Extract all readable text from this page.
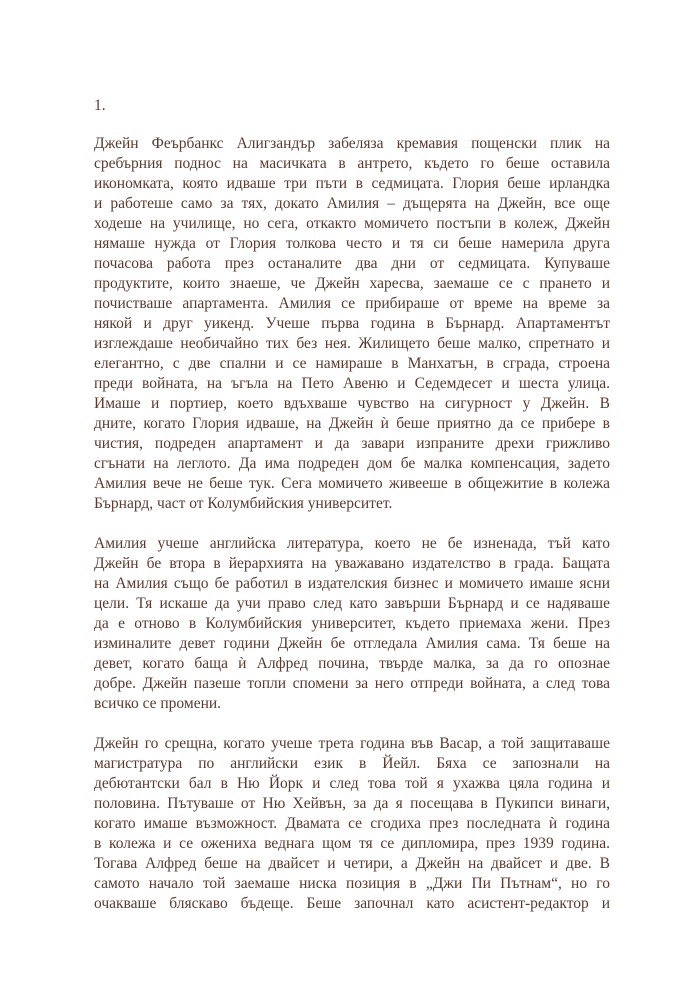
1.

Джейн Феърбанкс Алигзандър забеляза кремавия пощенски плик на
сребърния поднос на масичката в антрето, където го беше оставила
икономката, която идваше три пъти в седмицата. Глория беше ирландка
и работеше само за тях, докато Амилия – дъщерята на Джейн, все още
ходеше на училище, но сега, откакто момичето постъпи в колеж, Джейн
нямаше нужда от Глория толкова често и тя си беше намерила друга
почасова работа през останалите два дни от седмицата. Купуваше
продуктите, които знаеше, че Джейн харесва, заемаше се с прането и
почистваше апартамента. Амилия се прибираше от време на време за
някой и друг уикенд. Учеше първа година в Бърнард. Апартаментът
изглеждаше необичайно тих без нея. Жилището беше малко, спретнато и
елегантно, с две спални и се намираше в Манхатън, в сграда, строена
преди войната, на ъгъла на Пето Авеню и Седемдесет и шеста улица.
Имаше и портиер, което вдъхваше чувство на сигурност у Джейн. В
дните, когато Глория идваше, на Джейн ѝ беше приятно да се прибере в
чистия, подреден апартамент и да завари изпраните дрехи грижливо
сгънати на леглото. Да има подреден дом бе малка компенсация, задето
Амилия вече не беше тук. Сега момичето живееше в общежитие в колежа
Бърнард, част от Колумбийския университет.
Амилия учеше английска литература, което не бе изненада, тъй като
Джейн бе втора в йерархията на уважавано издателство в града. Бащата
на Амилия също бе работил в издателския бизнес и момичето имаше ясни
цели. Тя искаше да учи право след като завърши Бърнард и се надяваше
да е отново в Колумбийския университет, където приемаха жени. През
изминалите девет години Джейн бе отгледала Амилия сама. Тя беше на
девет, когато баща ѝ Алфред почина, твърде малка, за да го опознае
добре. Джейн пазеше топли спомени за него отпреди войната, а след това
всичко се промени.
Джейн го срещна, когато учеше трета година във Васар, а той защитаваше
магистратура по английски език в Йейл. Бяха се запознали на
дебютантски бал в Ню Йорк и след това той я ухажва цяла година и
половина. Пътуваше от Ню Хейвън, за да я посещава в Пукипси винаги,
когато имаше възможност. Двамата се сгодиха през последната ѝ година
в колежа и се ожениха веднага щом тя се дипломира, през 1939 година.
Тогава Алфред беше на двайсет и четири, а Джейн на двайсет и две. В
самото начало той заемаше ниска позиция в „Джи Пи Пътнам“, но го
очакваше бляскаво бъдеще. Беше започнал като асистент-редактор и
